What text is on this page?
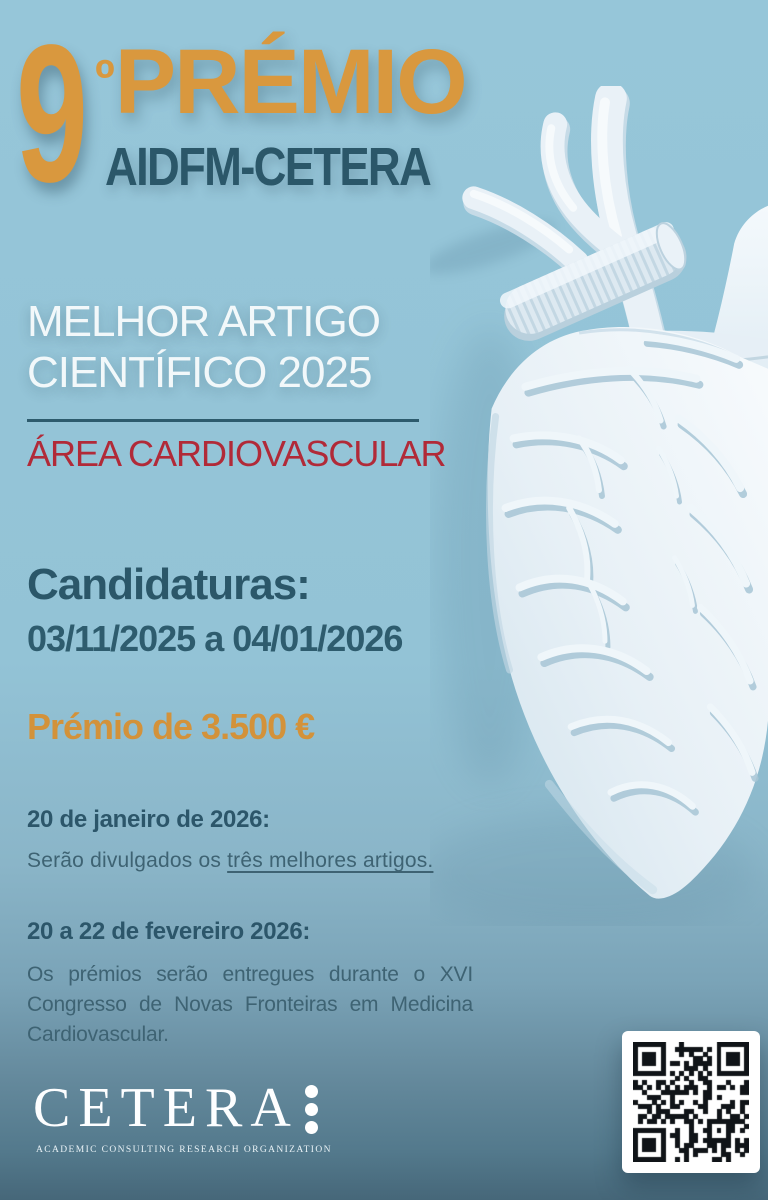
9 º PRÉMIO
AIDFM-CETERA
MELHOR ARTIGO
CIENTÍFICO 2025
ÁREA CARDIOVASCULAR
Candidaturas:
03/11/2025 a 04/01/2026
Prémio de 3.500 €
20 de janeiro de 2026:
Serão divulgados os três melhores artigos.
20 a 22 de fevereiro 2026:

Os prémios serão entregues durante o XVI Congresso de Novas Fronteiras em Medicina Cardiovascular.

CETERA
ACADEMIC CONSULTING RESEARCH ORGANIZATION
